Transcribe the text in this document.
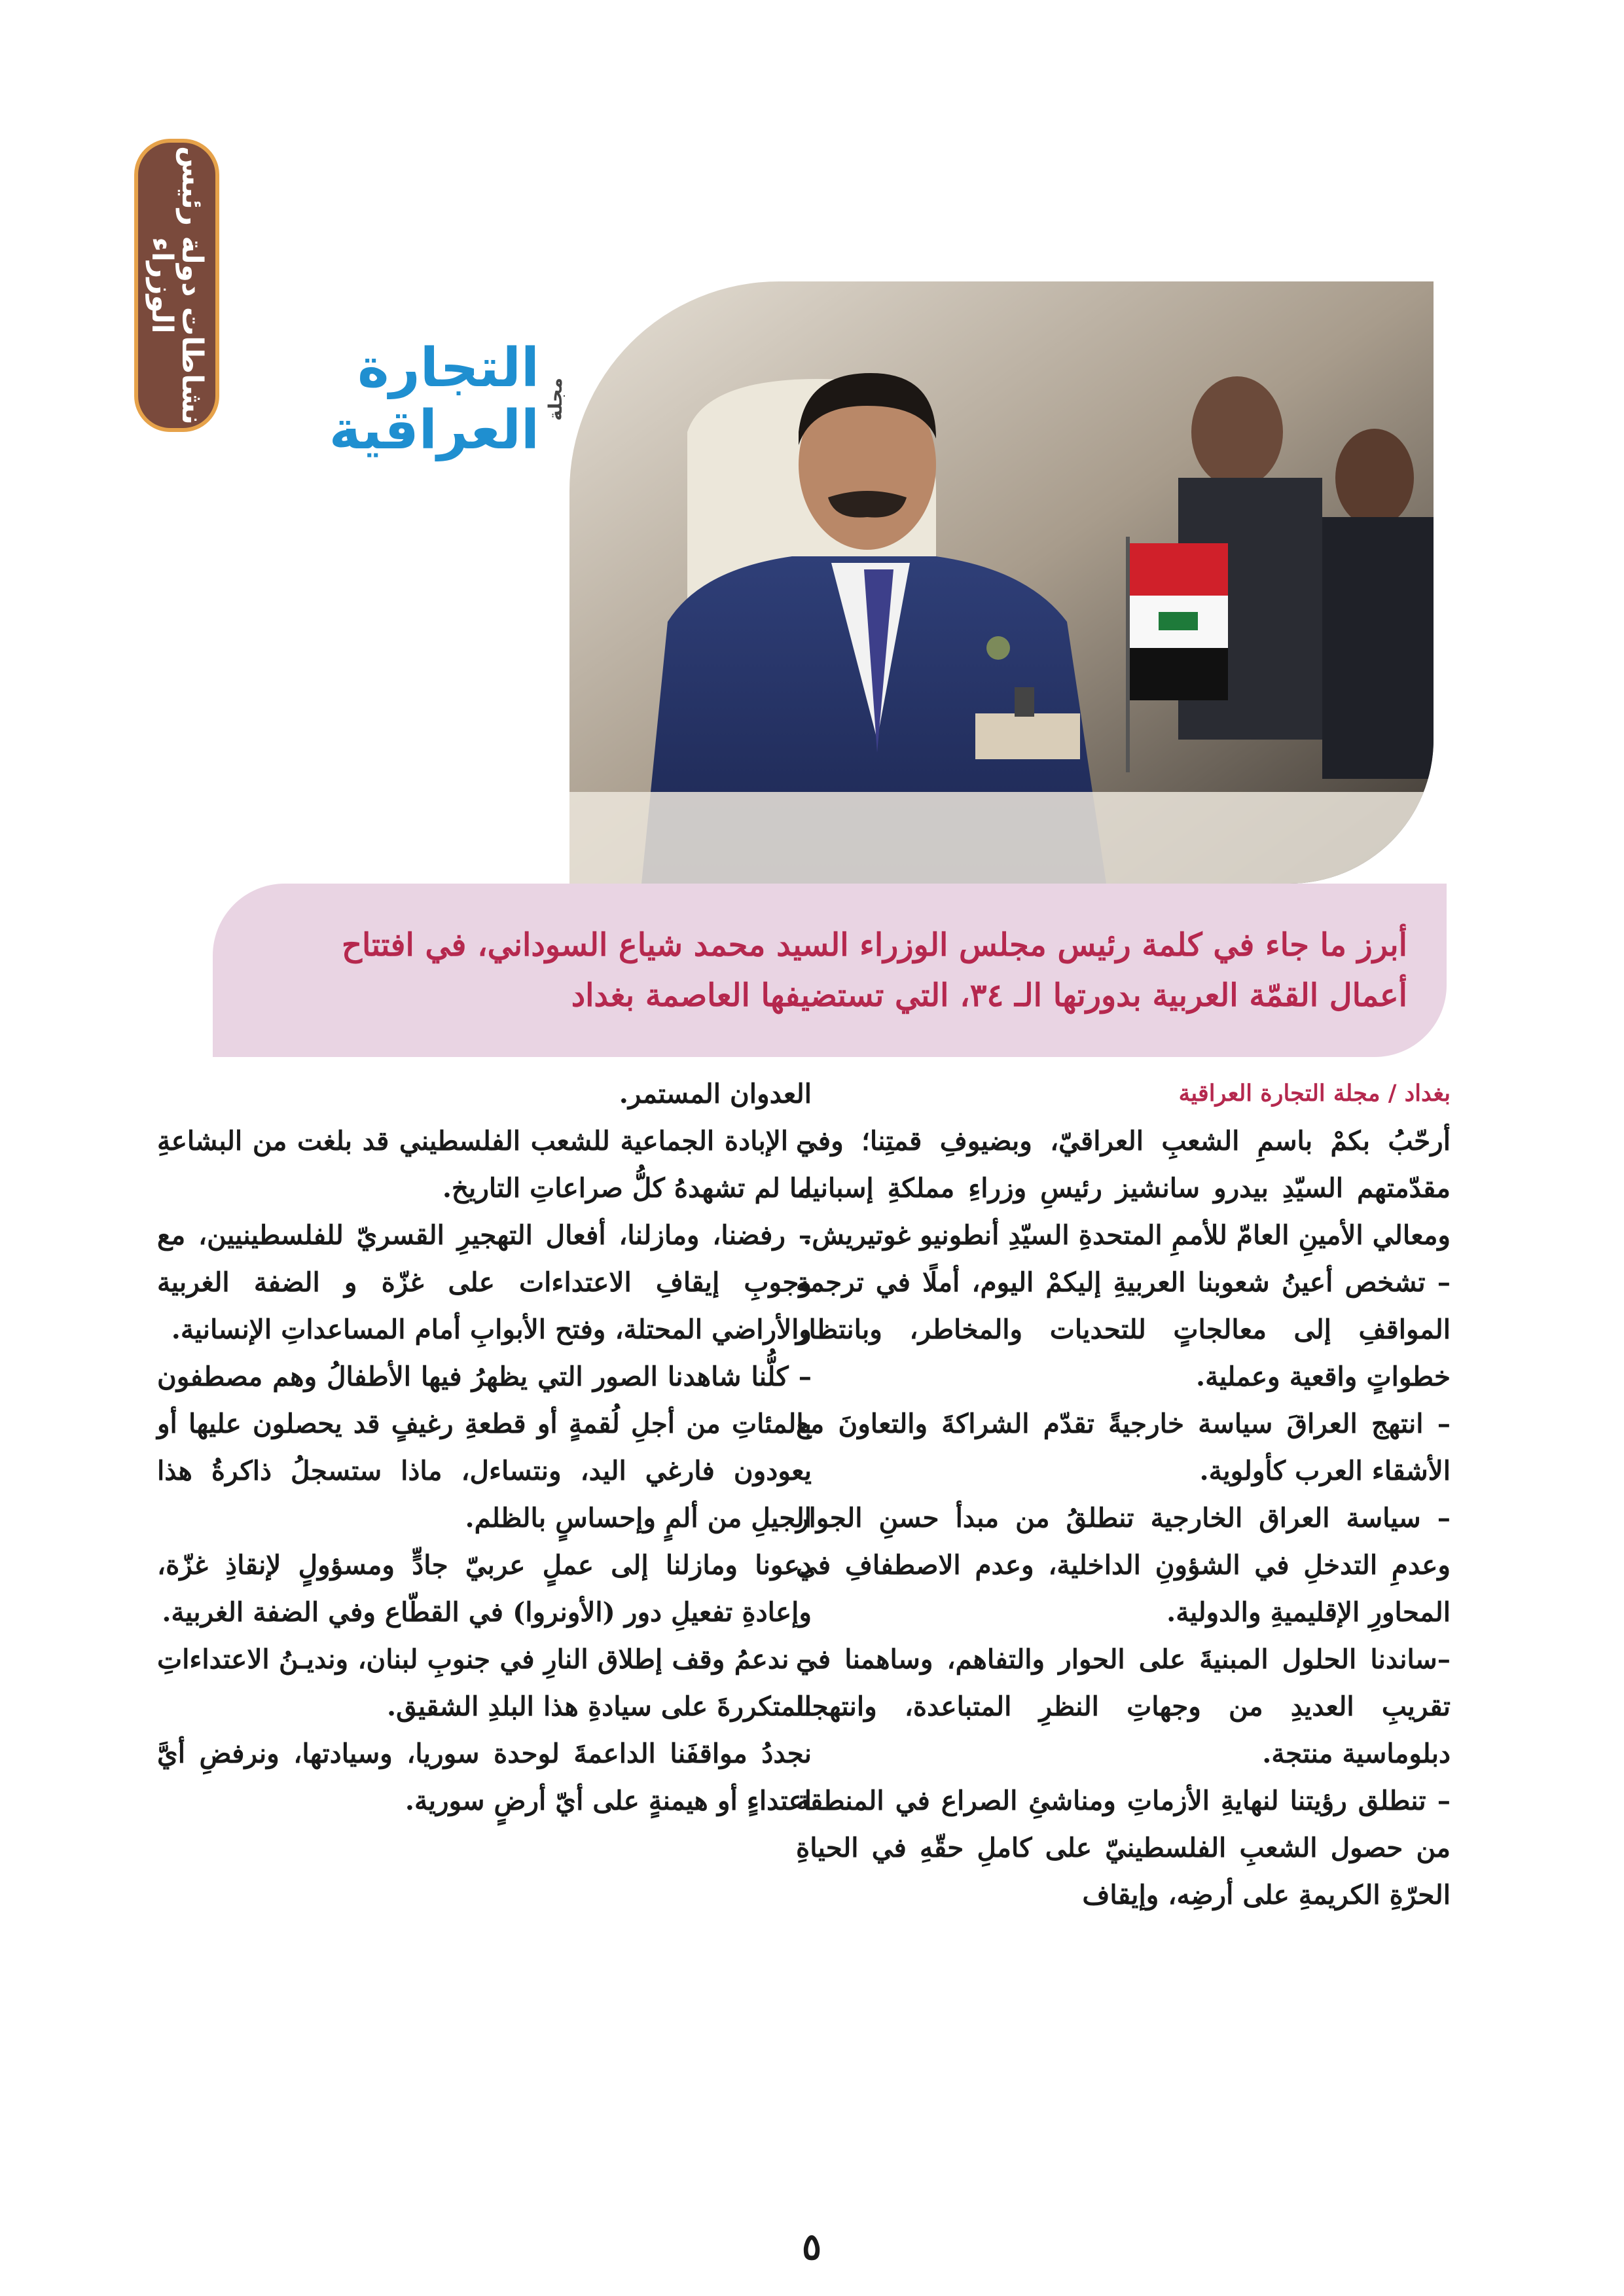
نشاطات دولة رئيس
الوزراء
التجارة العراقية مجلة
أبرز ما جاء في كلمة رئيس مجلس الوزراء السيد محمد شياع السوداني، في افتتاح
أعمال القمّة العربية بدورتها الـ ٣٤، التي تستضيفها العاصمة بغداد
بغداد / مجلة التجارة العراقية

أرحّبُ بكمْ باسمِ الشعبِ العراقيّ، وبضيوفِ قمتِنا؛ وفي مقدّمتهم السيّدِ بيدرو سانشيز رئيسِ وزراءِ مملكةِ إسبانيا، ومعالي الأمينِ العامّ للأممِ المتحدةِ السيّدِ أنطونيو غوتيريش.

– تشخص أعينُ شعوبنا العربيةِ إليكمْ اليوم، أملًا في ترجمةِ المواقفِ إلى معالجاتٍ للتحديات والمخاطر، وبانتظار خطواتٍ واقعية وعملية.

– انتهج العراقَ سياسة خارجيةً تقدّم الشراكةَ والتعاونَ مع الأشقاء العرب كأولوية.

– سياسة العراق الخارجية تنطلقُ من مبدأ حسنِ الجوار وعدمِ التدخلِ في الشؤونِ الداخلية، وعدم الاصطفافِ في المحاورِ الإقليميةِ والدولية.

–ساندنا الحلول المبنيةَ على الحوار والتفاهم، وساهمنا في تقريبِ العديدِ من وجهاتِ النظرِ المتباعدة، وانتهجنا دبلوماسية منتجة.

– تنطلق رؤيتنا لنهايةِ الأزماتِ ومناشئِ الصراع في المنطقة من حصول الشعبِ الفلسطينيّ على كاملِ حقّهِ في الحياةِ الحرّةِ الكريمةِ على أرضِه، وإيقاف

العدوان المستمر.

– الإبادة الجماعية للشعب الفلسطيني قد بلغت من البشاعةِ ما لم تشهدهُ كلُّ صراعاتِ التاريخ.

– رفضنا، ومازلنا، أفعال التهجيرِ القسريّ للفلسطينيين، مع وجوبِ إيقافِ الاعتداءات على غزّة و الضفة الغربية والأراضي المحتلة، وفتح الأبوابِ أمام المساعداتِ الإنسانية.

– كلُّنا شاهدنا الصور التي يظهرُ فيها الأطفالُ وهم مصطفون بالمئاتِ من أجلِ لُقمةٍ أو قطعةِ رغيفٍ قد يحصلون عليها أو يعودون فارغي اليد، ونتساءل، ماذا ستسجلُ ذاكرةُ هذا الجيلِ من ألمٍ وإحساسٍ بالظلم.

دعونا ومازلنا إلى عملٍ عربيّ جادٍّ ومسؤولٍ لإنقاذِ غزّة، وإعادةِ تفعيلِ دور (الأونروا) في القطّاع وفي الضفة الغربية.

– ندعمُ وقف إطلاق النارِ في جنوبِ لبنان، ونديـنُ الاعتداءاتِ المتكررةَ على سيادةِ هذا البلدِ الشقيق.

نجددُ مواقفَنا الداعمةَ لوحدة سوريا، وسيادتها، ونرفضِ أيَّ اعتداءٍ أو هيمنةٍ على أيّ أرضٍ سورية.

٥
